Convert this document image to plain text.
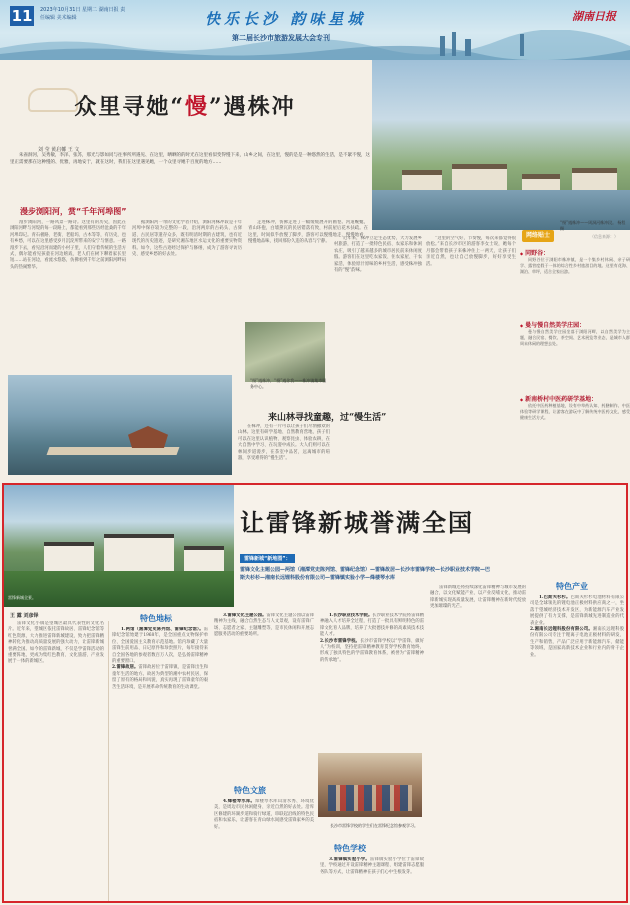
11	2023年10月31日 星期二 湖南日报 责任编辑 美术编辑	快乐长沙 韵味星城
第二届长沙市旅游发展大会专刊
湖南日报
众里寻她“慢”遇株冲
刘 莹 黄启椰 王 文
“慢”遇株冲——周洞河株冲段。 杨程 摄
朱雀洞河，吴秀敏，李泽、张苏，那光与影如同与往事所所遇见、在这里，晒晒的的时光在这里看似变得慢下来，山乡之间，在这里，慢的是是一种悠然的生活，是不紧不慢，这里正需要那在这种慢的、优雅，再地安于，就在这时，我们在这里遇见她，一个众里寻她千百度的地方……
漫步浏阳河，赏“千年河埠图”
漫步浏阳河，一路风景一路诗。这里有的历史，因此在浏阳河畔与河堤的每一段路上，都能看到那些历经沧桑的千年河埠印记。青石板路、老街、老船坞、古木等等，有历史，也有乡愁，可以在这里感受岁月沉淀所带来的安宁与惬意。一路漫步下去，看见沿河而建的小村子里，人们守着传统的生活方式，偶尔能看见孩童在河边嬉戏，老人们在树下聊着家长里短……站在河边，看流水悠悠，仿佛看到千年之前浏阳河畔码头的热闹繁华。
据浏阳河一带的文化学者介绍，浏阳河株冲段是千年河埠中保存较为完整的一段，沿河两岸的古码头、古驿道、古民居等遗存众多，既有明清时期的古建筑，也有近现代的历史遗迹，是研究湘东地区水运文化的重要实物资料。如今，这些古迹经过保护与修缮，成为了游客寻访历史、感受乡愁的好去处。
走进株冲，仿佛走进了一幅缓缓展开的画卷。河道蜿蜒，青山环抱，白墙黛瓦的民居错落有致，村前屋后花木扶疏。在这里，时间似乎放慢了脚步，游客可以慢慢地走、慢慢地看、慢慢地品味，找回那份久违的从容与宁静。
“慢”遇株冲，“慢”遇你我——株冲镇集市服务中心。
来山林寻找童趣，过“慢生活”
在株冲，还有一片可以让孩子们尽情撒欢的山林。这里有研学基地、自然教育营地，孩子们可以在这里认识植物、观察昆虫、体验农耕，在大自然中学习、在玩耍中成长。大人们则可以在林间步道漫步，在茶室中品茗，远离城市的喧嚣，享受难得的“慢生活”。
近年来，株冲立足生态优势，大力发展乡村旅游，打造了一批特色民宿、农家乐和休闲农庄，吸引了越来越多的城市居民前来休闲度假。游客们在这里吃农家饭、住农家屋、干农家活，体验原汁原味的乡村生活，感受株冲独有的“慢”韵味。
“这里的空气好，节奏慢，每次来都觉得很放松。”来自长沙市区的游客李女士说，她每个月都会带着孩子来株冲住上一两天，让孩子们亲近自然，也让自己放慢脚步，好好享受生活。
网络贴士	（信息来源：）
◆ 同野谷：

同野谷位于浏阳市株冲镇，是一个集乡村休闲、亲子研学、露营度假于一体的综合性乡村旅游目的地。这里有花海、湖泊、草坪，适合全家出游。

◆ 曼与慢自然美学庄园：

曼与慢自然美学庄园坐落于浏阳河畔，以自然美学为主题，融合民宿、餐饮、茶空间、艺术展览等业态，是城市人群周末休闲的理想去处。

◆ 新南桥村中医药研学基地：

依托中医药种植基地，设有中草药认知、药膳制作、中医体验等研学课程，让游客在游玩中了解传统中医药文化，感受健康生活方式。

雷锋新城全景。
让雷锋新城誉满全国
雷锋新城“新地图”：
雷锋文化主题公园—两馆（湘潭党史陈列馆、雷锋纪念馆）—雷锋故居—长沙市雷锋学校—长沙职业技术学院—巴斯夫杉杉—湘南长远锂科股份有限公司—雷锋镇实验小学—烽楼琴水库
王 露 刘彦铎
雷锋文化小镇是望城区最具代表性的文化名片。近年来，望城区依托雷锋故居、雷锋纪念馆等红色资源，大力推进雷锋新城建设，致力把雷锋精神转化为推动高质量发展的强大动力，让雷锋新城誉满全国。如今的雷锋新城，不仅是学雷锋活动的重要阵地，更成为集红色教育、文化旅游、产业发展于一体的新城区。
特色地标
1.两馆（湘潭党史陈列馆、雷锋纪念馆）。雷锋纪念馆始建于1968年，是全国重点文物保护单位、全国爱国主义教育示范基地。馆内珍藏了大量雷锋生前用品、日记原件和珍贵照片，每年接待来自全国各地的参观者数百万人次，是弘扬雷锋精神的重要窗口。
2.雷锋故居。雷锋故居位于雷锋镇，是雷锋出生和童年生活的地方。故居为典型的湘中农村民居，保留了原有的格局和风貌，真实再现了雷锋童年的艰苦生活环境，是开展革命传统教育的生动课堂。
3.雷锋文化主题公园。雷锋文化主题公园以雷锋精神为主线，融合自然生态与人文景观，设有雷锋广场、志愿者之家、主题雕塑等，是市民休闲和开展志愿服务活动的重要场所。
特色文旅
4.烽楼琴水库。烽楼琴水库山清水秀、环境优美，是周边市民休闲健身、亲近自然的好去处。沿库区修建的环湖步道和骑行绿道，串联起沿线的特色民宿和农家乐，让游客在青山绿水间感受雷锋家乡的美好。
特色学校
1.长沙职业技术学院。长沙职业技术学院将雷锋精神融入人才培养全过程，打造了一批具有鲜明特色的雷锋文化育人品牌，培养了大批德技并修的高素质技术技能人才。
2.长沙市雷锋学校。长沙市雷锋学校以“学雷锋、做好人”为校训，坚持把雷锋精神教育贯穿学校教育始终，形成了独具特色的学雷锋教育体系，被誉为“雷锋精神的传承地”。
长沙市雷锋学校的学生们在雷锋纪念馆参观学习。
3.雷锋镇实验小学。雷锋镇实验小学位于雷锋故里，学校通过开设雷锋精神主题课程、组建雷锋志愿服务队等方式，让雷锋精神在孩子们心中生根发芽。
雷锋新城还将持续深化雷锋精神与城市发展的融合，以文化赋能产业、以产业反哺文化，推动雷锋新城实现高质量发展，让雷锋精神在新时代绽放更加璀璨的光芒。
特色产业
1.巴斯夫杉杉。巴斯夫杉杉电池材料有限公司是全球领先的锂电池正极材料供应商之一，坐落于望城经济技术开发区，为新能源汽车产业发展提供了有力支撑，是雷锋新城先进制造业的代表企业。
2.湘南长远锂科股份有限公司。湘南长远锂科股份有限公司专注于锂离子电池正极材料的研发、生产和销售，产品广泛应用于新能源汽车、储能等领域，是国家高新技术企业和行业内的骨干企业。
